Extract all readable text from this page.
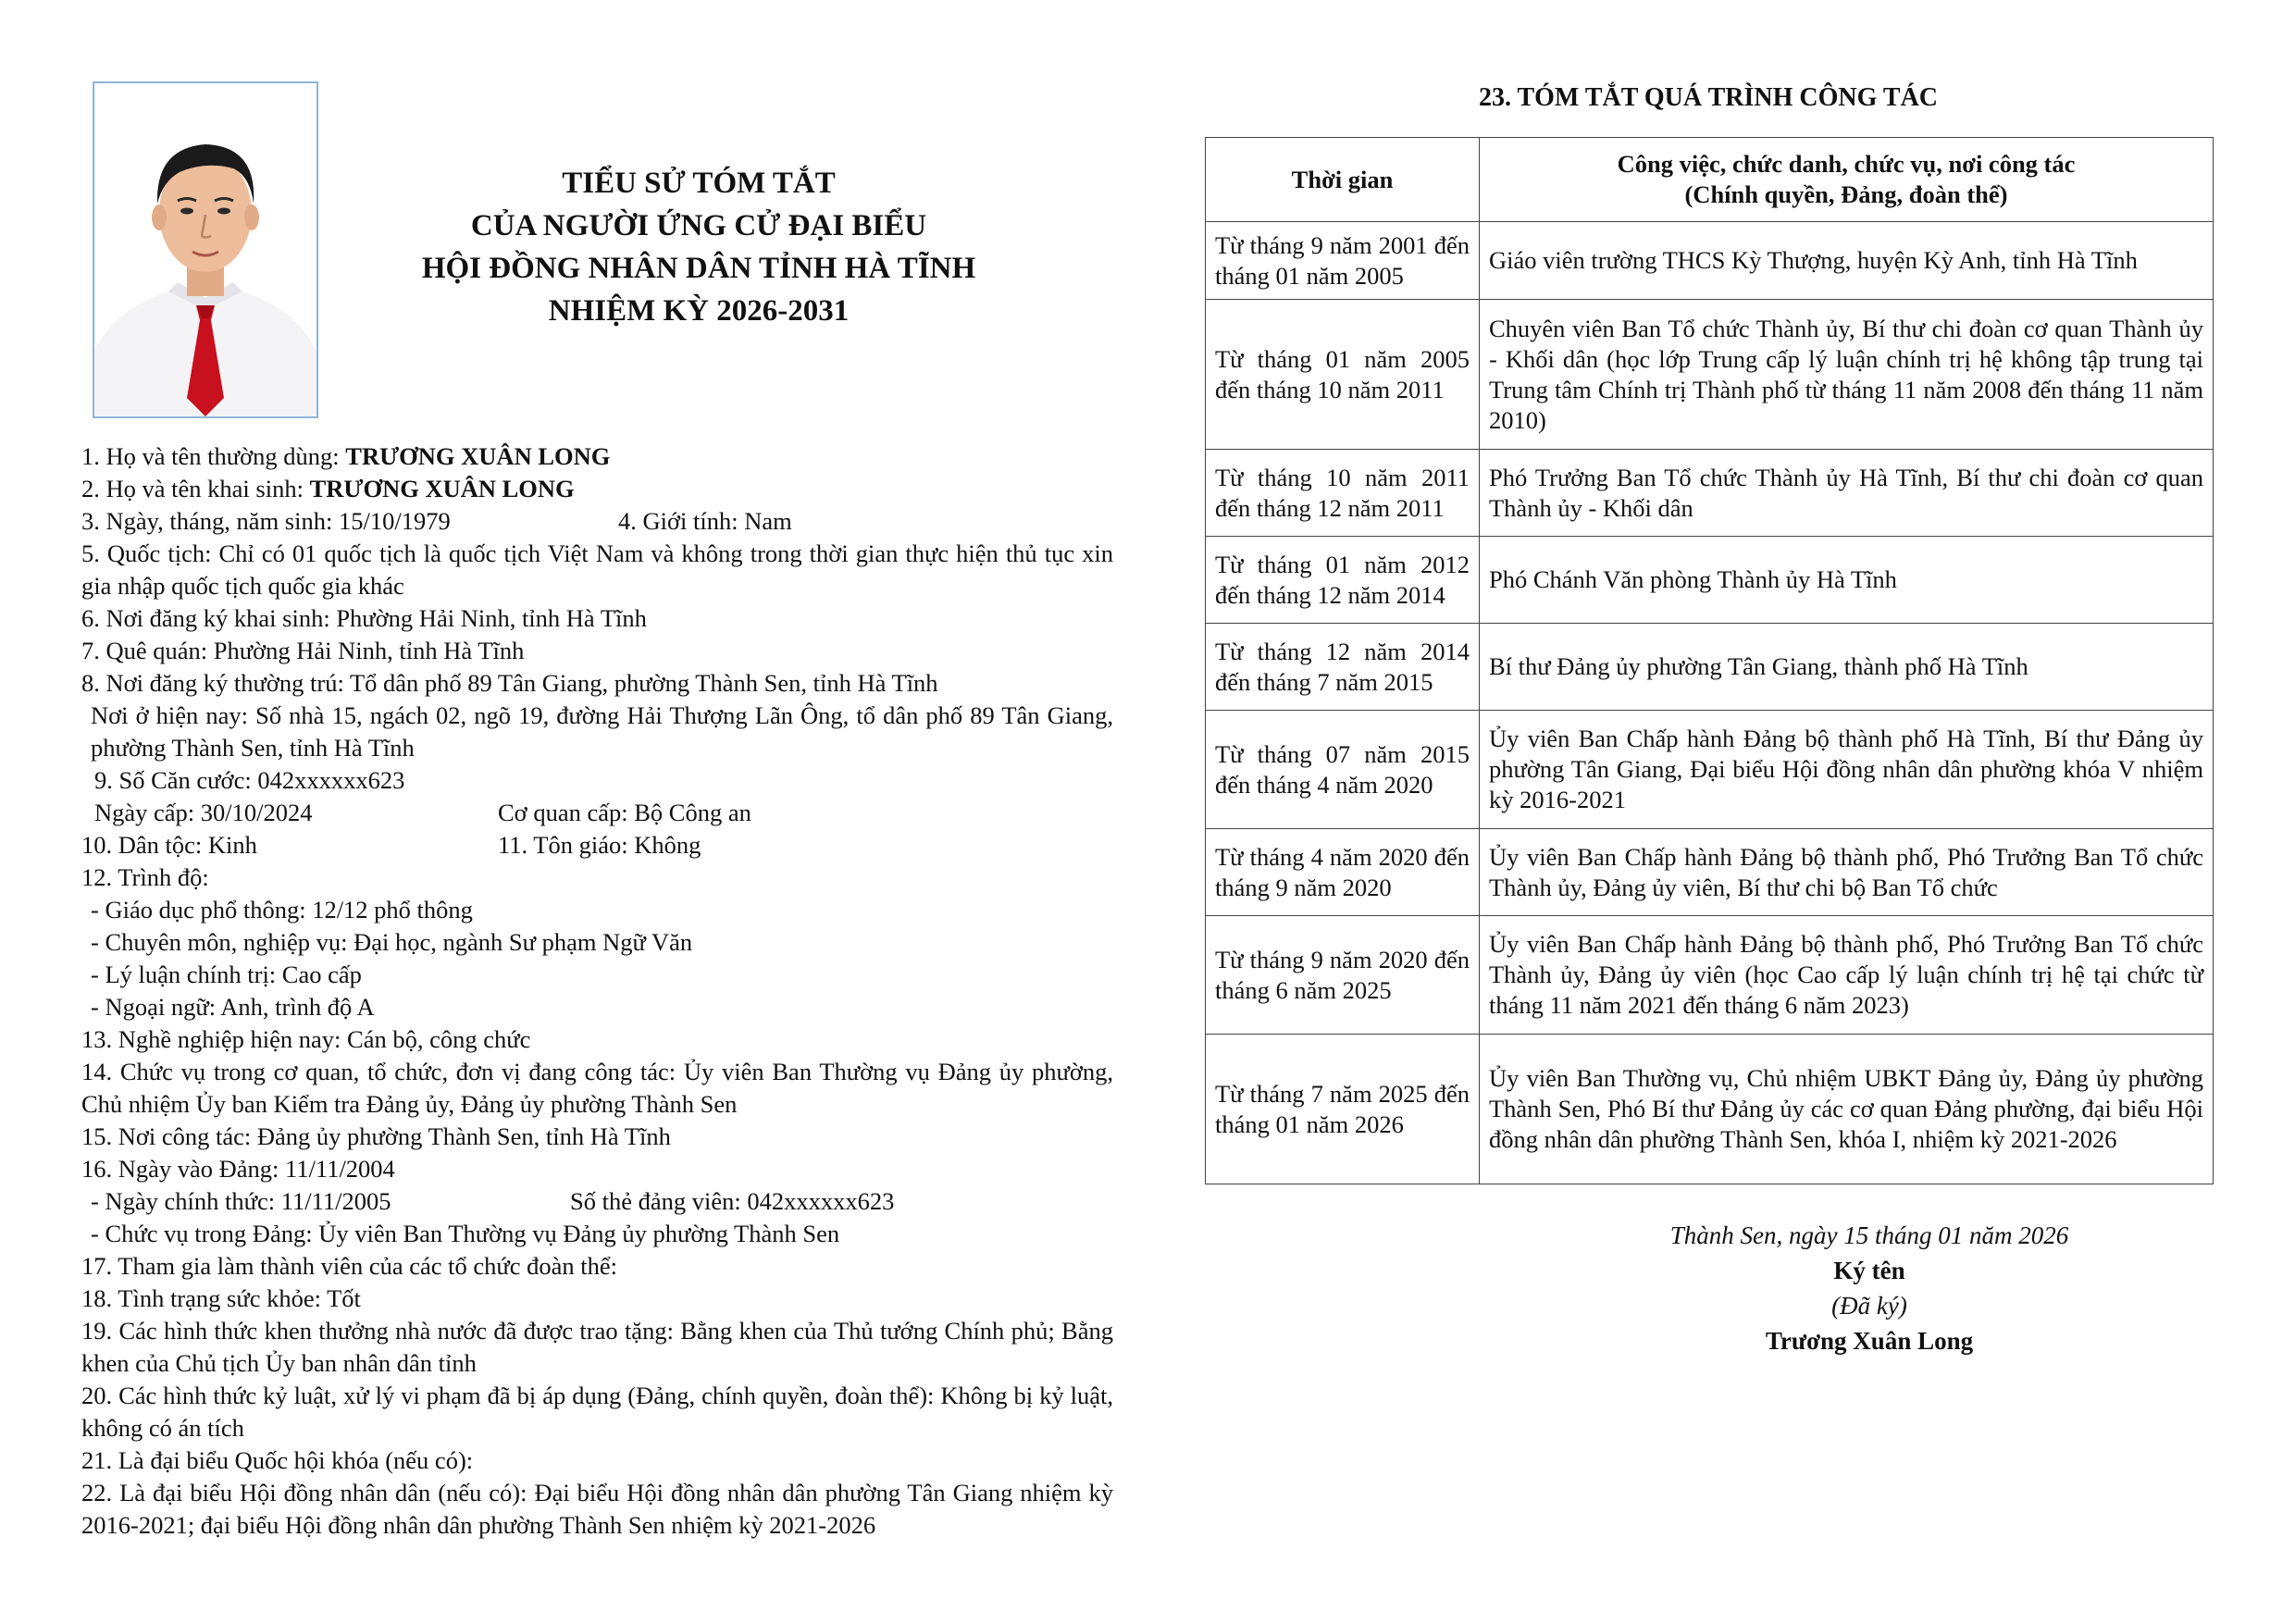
TIỂU SỬ TÓM TẮT
CỦA NGƯỜI ỨNG CỬ ĐẠI BIỂU
HỘI ĐỒNG NHÂN DÂN TỈNH HÀ TĨNH
NHIỆM KỲ 2026-2031

1. Họ và tên thường dùng: TRƯƠNG XUÂN LONG

2. Họ và tên khai sinh: TRƯƠNG XUÂN LONG

3. Ngày, tháng, năm sinh: 15/10/1979	4. Giới tính: Nam

5. Quốc tịch: Chỉ có 01 quốc tịch là quốc tịch Việt Nam và không trong thời gian thực hiện thủ tục xin gia nhập quốc tịch quốc gia khác

6. Nơi đăng ký khai sinh: Phường Hải Ninh, tỉnh Hà Tĩnh

7. Quê quán: Phường Hải Ninh, tỉnh Hà Tĩnh

8. Nơi đăng ký thường trú: Tổ dân phố 89 Tân Giang, phường Thành Sen, tỉnh Hà Tĩnh

Nơi ở hiện nay: Số nhà 15, ngách 02, ngõ 19, đường Hải Thượng Lãn Ông, tổ dân phố 89 Tân Giang, phường Thành Sen, tỉnh Hà Tĩnh

9. Số Căn cước: 042xxxxxx623

Ngày cấp: 30/10/2024	Cơ quan cấp: Bộ Công an

10. Dân tộc: Kinh	11. Tôn giáo: Không

12. Trình độ:

- Giáo dục phổ thông: 12/12 phổ thông

- Chuyên môn, nghiệp vụ: Đại học, ngành Sư phạm Ngữ Văn

- Lý luận chính trị: Cao cấp

- Ngoại ngữ: Anh, trình độ A

13. Nghề nghiệp hiện nay: Cán bộ, công chức

14. Chức vụ trong cơ quan, tổ chức, đơn vị đang công tác: Ủy viên Ban Thường vụ Đảng ủy phường, Chủ nhiệm Ủy ban Kiểm tra Đảng ủy, Đảng ủy phường Thành Sen

15. Nơi công tác: Đảng ủy phường Thành Sen, tỉnh Hà Tĩnh

16. Ngày vào Đảng: 11/11/2004

- Ngày chính thức: 11/11/2005	Số thẻ đảng viên: 042xxxxxx623

- Chức vụ trong Đảng: Ủy viên Ban Thường vụ Đảng ủy phường Thành Sen

17. Tham gia làm thành viên của các tổ chức đoàn thể:

18. Tình trạng sức khỏe: Tốt

19. Các hình thức khen thưởng nhà nước đã được trao tặng: Bằng khen của Thủ tướng Chính phủ; Bằng khen của Chủ tịch Ủy ban nhân dân tỉnh

20. Các hình thức kỷ luật, xử lý vi phạm đã bị áp dụng (Đảng, chính quyền, đoàn thể): Không bị kỷ luật, không có án tích

21. Là đại biểu Quốc hội khóa (nếu có):

22. Là đại biểu Hội đồng nhân dân (nếu có): Đại biểu Hội đồng nhân dân phường Tân Giang nhiệm kỳ 2016-2021; đại biểu Hội đồng nhân dân phường Thành Sen nhiệm kỳ 2021-2026

23. TÓM TẮT QUÁ TRÌNH CÔNG TÁC
Thời gian	Công việc, chức danh, chức vụ, nơi công tác
(Chính quyền, Đảng, đoàn thể)

Từ tháng 9 năm 2001 đến tháng 01 năm 2005	Giáo viên trường THCS Kỳ Thượng, huyện Kỳ Anh, tỉnh Hà Tĩnh
Từ tháng 01 năm 2005 đến tháng 10 năm 2011	Chuyên viên Ban Tổ chức Thành ủy, Bí thư chi đoàn cơ quan Thành ủy - Khối dân (học lớp Trung cấp lý luận chính trị hệ không tập trung tại Trung tâm Chính trị Thành phố từ tháng 11 năm 2008 đến tháng 11 năm 2010)
Từ tháng 10 năm 2011 đến tháng 12 năm 2011	Phó Trưởng Ban Tổ chức Thành ủy Hà Tĩnh, Bí thư chi đoàn cơ quan Thành ủy - Khối dân
Từ tháng 01 năm 2012 đến tháng 12 năm 2014	Phó Chánh Văn phòng Thành ủy Hà Tĩnh
Từ tháng 12 năm 2014 đến tháng 7 năm 2015	Bí thư Đảng ủy phường Tân Giang, thành phố Hà Tĩnh
Từ tháng 07 năm 2015 đến tháng 4 năm 2020	Ủy viên Ban Chấp hành Đảng bộ thành phố Hà Tĩnh, Bí thư Đảng ủy phường Tân Giang, Đại biểu Hội đồng nhân dân phường khóa V nhiệm kỳ 2016-2021
Từ tháng 4 năm 2020 đến tháng 9 năm 2020	Ủy viên Ban Chấp hành Đảng bộ thành phố, Phó Trưởng Ban Tổ chức Thành ủy, Đảng ủy viên, Bí thư chi bộ Ban Tổ chức
Từ tháng 9 năm 2020 đến tháng 6 năm 2025	Ủy viên Ban Chấp hành Đảng bộ thành phố, Phó Trưởng Ban Tổ chức Thành ủy, Đảng ủy viên (học Cao cấp lý luận chính trị hệ tại chức từ tháng 11 năm 2021 đến tháng 6 năm 2023)
Từ tháng 7 năm 2025 đến tháng 01 năm 2026	Ủy viên Ban Thường vụ, Chủ nhiệm UBKT Đảng ủy, Đảng ủy phường Thành Sen, Phó Bí thư Đảng ủy các cơ quan Đảng phường, đại biểu Hội đồng nhân dân phường Thành Sen, khóa I, nhiệm kỳ 2021-2026
Thành Sen, ngày 15 tháng 01 năm 2026
Ký tên
(Đã ký)
Trương Xuân Long
